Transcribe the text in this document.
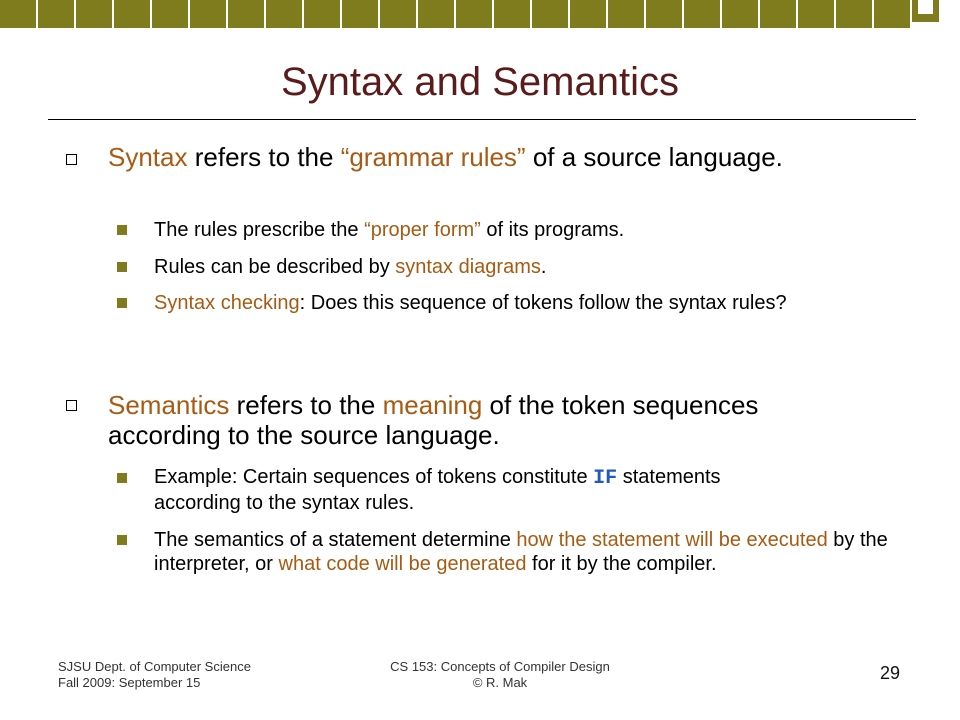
Syntax and Semantics
Syntax refers to the “grammar rules” of a source language.
The rules prescribe the “proper form” of its programs.
Rules can be described by syntax diagrams.
Syntax checking: Does this sequence of tokens follow the syntax rules?
Semantics refers to the meaning of the token sequences according to the source language.
Example: Certain sequences of tokens constitute IF statements according to the syntax rules.
The semantics of a statement determine how the statement will be executed by the interpreter, or what code will be generated for it by the compiler.
SJSU Dept. of Computer Science
Fall 2009: September 15
CS 153: Concepts of Compiler Design
© R. Mak	29
